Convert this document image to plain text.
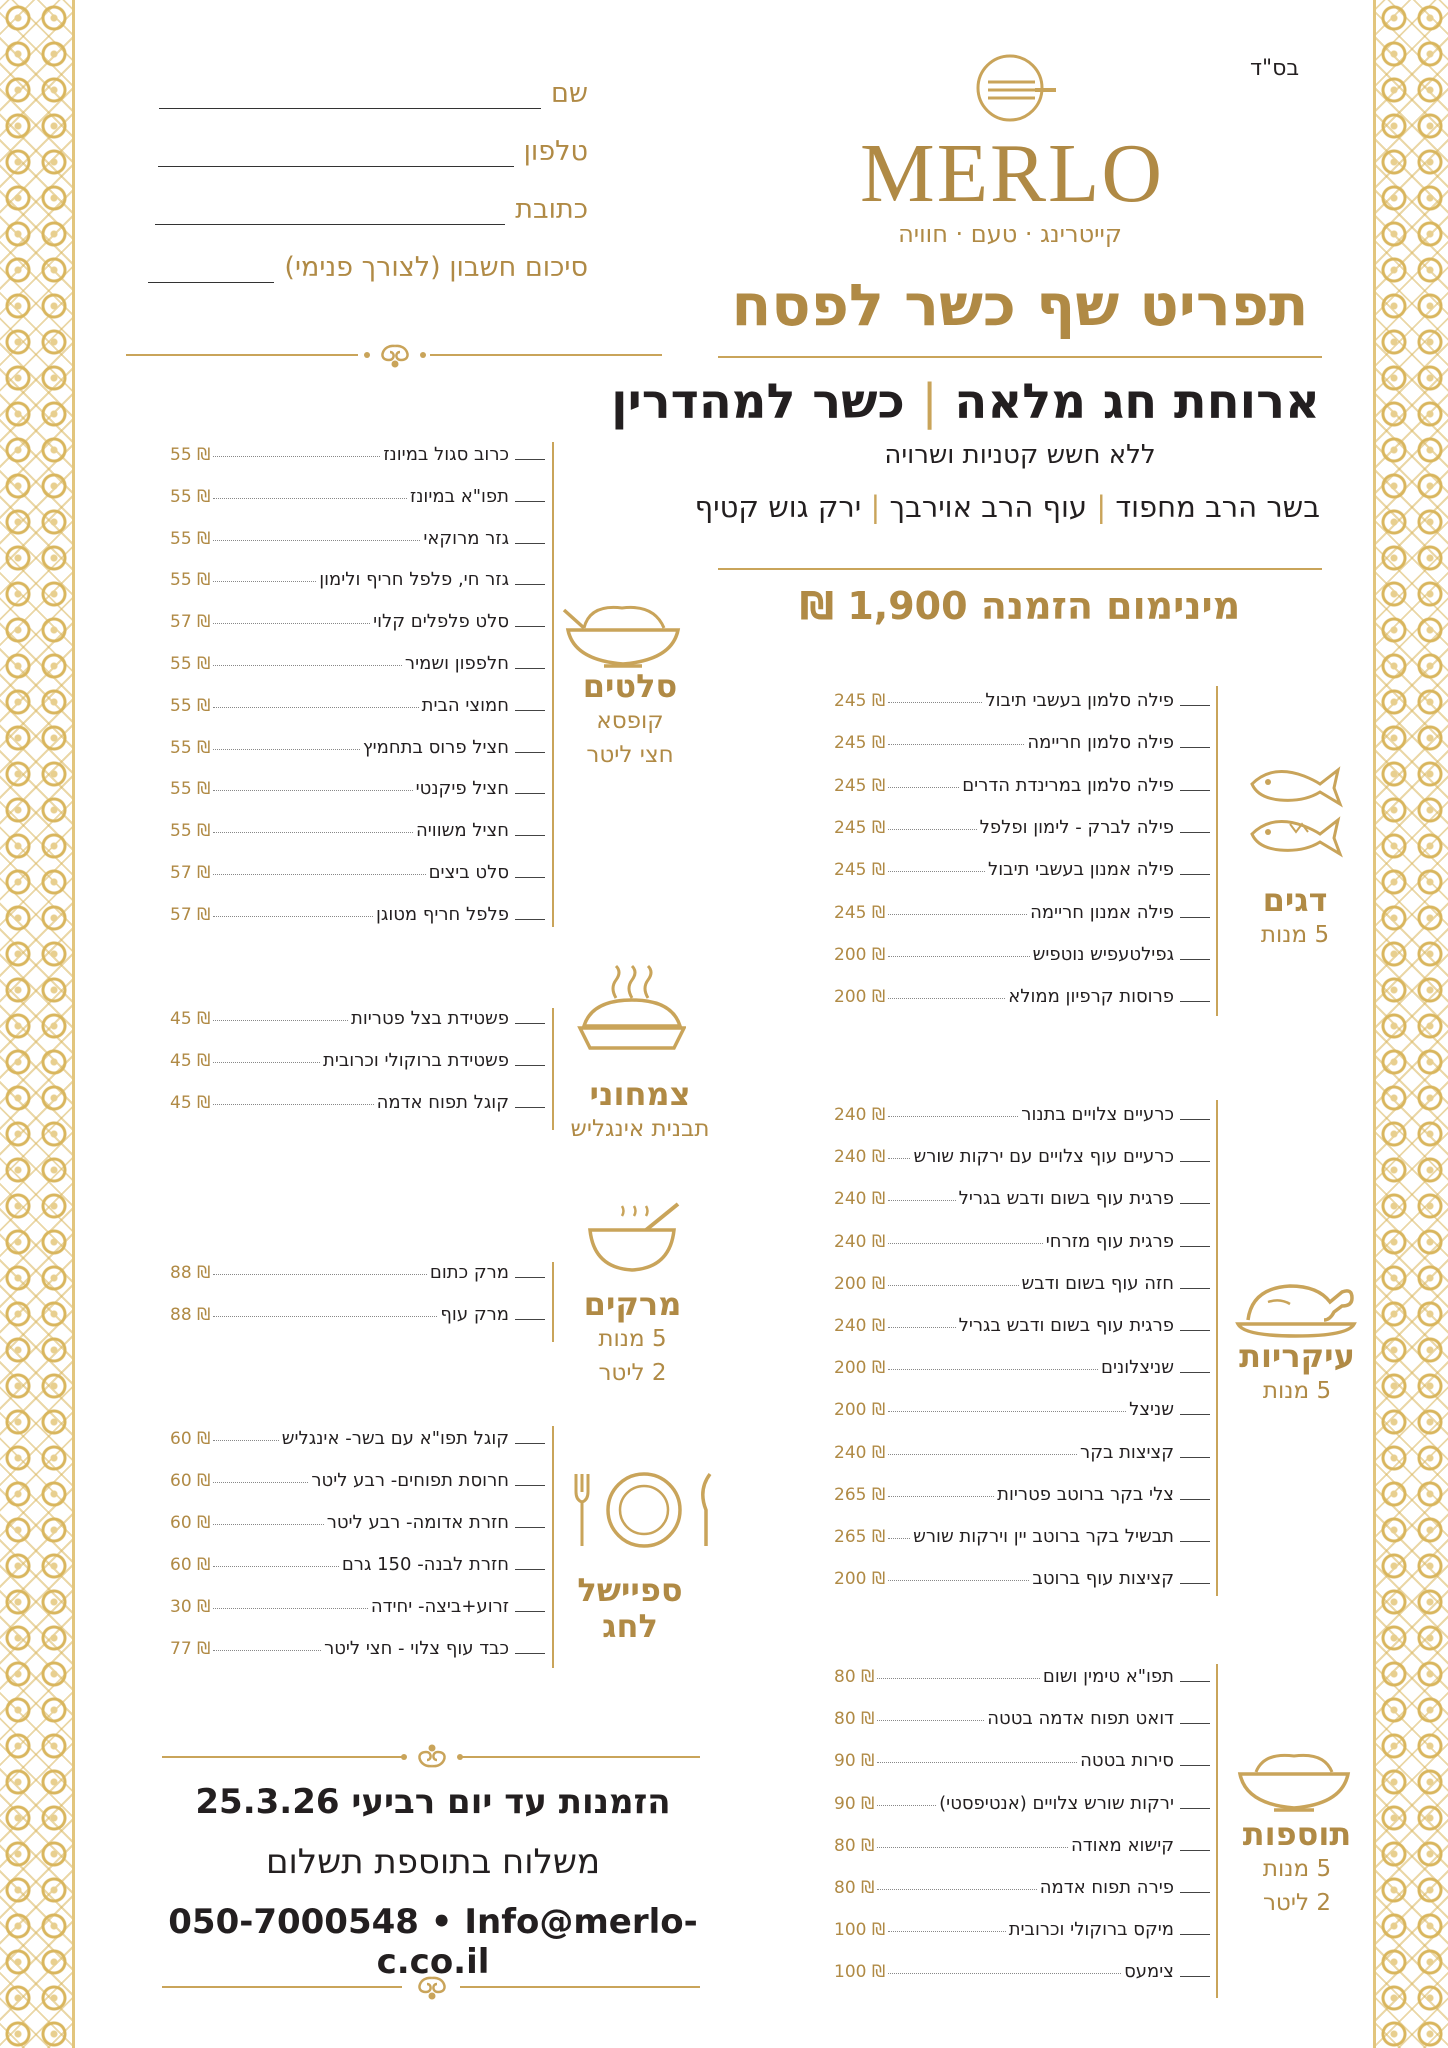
בס"ד
MERLO
קייטרינג · טעם · חוויה
תפריט שף כשר לפסח
ארוחת חג מלאה | כשר למהדרין
ללא חשש קטניות ושרויה
בשר הרב מחפוד | עוף הרב אוירבך | ירק גוש קטיף
מינימום הזמנה 1,900 ₪
שם
טלפון
כתובת
סיכום חשבון (לצורך פנימי)
כרוב סגול במיונז
55 ₪
תפו"א במיונז
55 ₪
גזר מרוקאי
55 ₪
גזר חי, פלפל חריף ולימון
55 ₪
סלט פלפלים קלוי
57 ₪
חלפפון ושמיר
55 ₪
חמוצי הבית
55 ₪
חציל פרוס בתחמיץ
55 ₪
חציל פיקנטי
55 ₪
חציל משוויה
55 ₪
סלט ביצים
57 ₪
פלפל חריף מטוגן
57 ₪
סלטים
קופסא
חצי ליטר
פשטידת בצל פטריות
45 ₪
פשטידת ברוקולי וכרובית
45 ₪
קוגל תפוח אדמה
45 ₪	צמחוני
תבנית אינגליש
מרק כתום
88 ₪
מרק עוף
88 ₪	מרקים
5 מנות
2 ליטר
קוגל תפו"א עם בשר- אינגליש
60 ₪
חרוסת תפוחים- רבע ליטר
60 ₪
חזרת אדומה- רבע ליטר
60 ₪
חזרת לבנה- 150 גרם
60 ₪
זרוע+ביצה- יחידה
30 ₪
כבד עוף צלוי - חצי ליטר
77 ₪
ספיישל
לחג
הזמנות עד יום רביעי 25.3.26
משלוח בתוספת תשלום
050-7000548 • Info@merlo-c.co.il
פילה סלמון בעשבי תיבול
245 ₪
פילה סלמון חריימה
245 ₪
פילה סלמון במרינדת הדרים
245 ₪
פילה לברק - לימון ופלפל
245 ₪
פילה אמנון בעשבי תיבול
245 ₪
פילה אמנון חריימה
245 ₪
גפילטעפיש נוטפיש
200 ₪
פרוסות קרפיון ממולא
200 ₪
דגים
5 מנות
כרעיים צלויים בתנור
240 ₪
כרעיים עוף צלויים עם ירקות שורש
240 ₪
פרגית עוף בשום ודבש בגריל
240 ₪
פרגית עוף מזרחי
240 ₪
חזה עוף בשום ודבש
200 ₪
פרגית עוף בשום ודבש בגריל
240 ₪
שניצלונים
200 ₪
שניצל
200 ₪
קציצות בקר
240 ₪
צלי בקר ברוטב פטריות
265 ₪
תבשיל בקר ברוטב יין וירקות שורש
265 ₪
קציצות עוף ברוטב
200 ₪
עיקריות
5 מנות
תפו"א טימין ושום
80 ₪
דואט תפוח אדמה בטטה
80 ₪
סירות בטטה
90 ₪
ירקות שורש צלויים (אנטיפסטי)
90 ₪
קישוא מאודה
80 ₪
פירה תפוח אדמה
80 ₪
מיקס ברוקולי וכרובית
100 ₪
צימעס
100 ₪
תוספות
5 מנות
2 ליטר
